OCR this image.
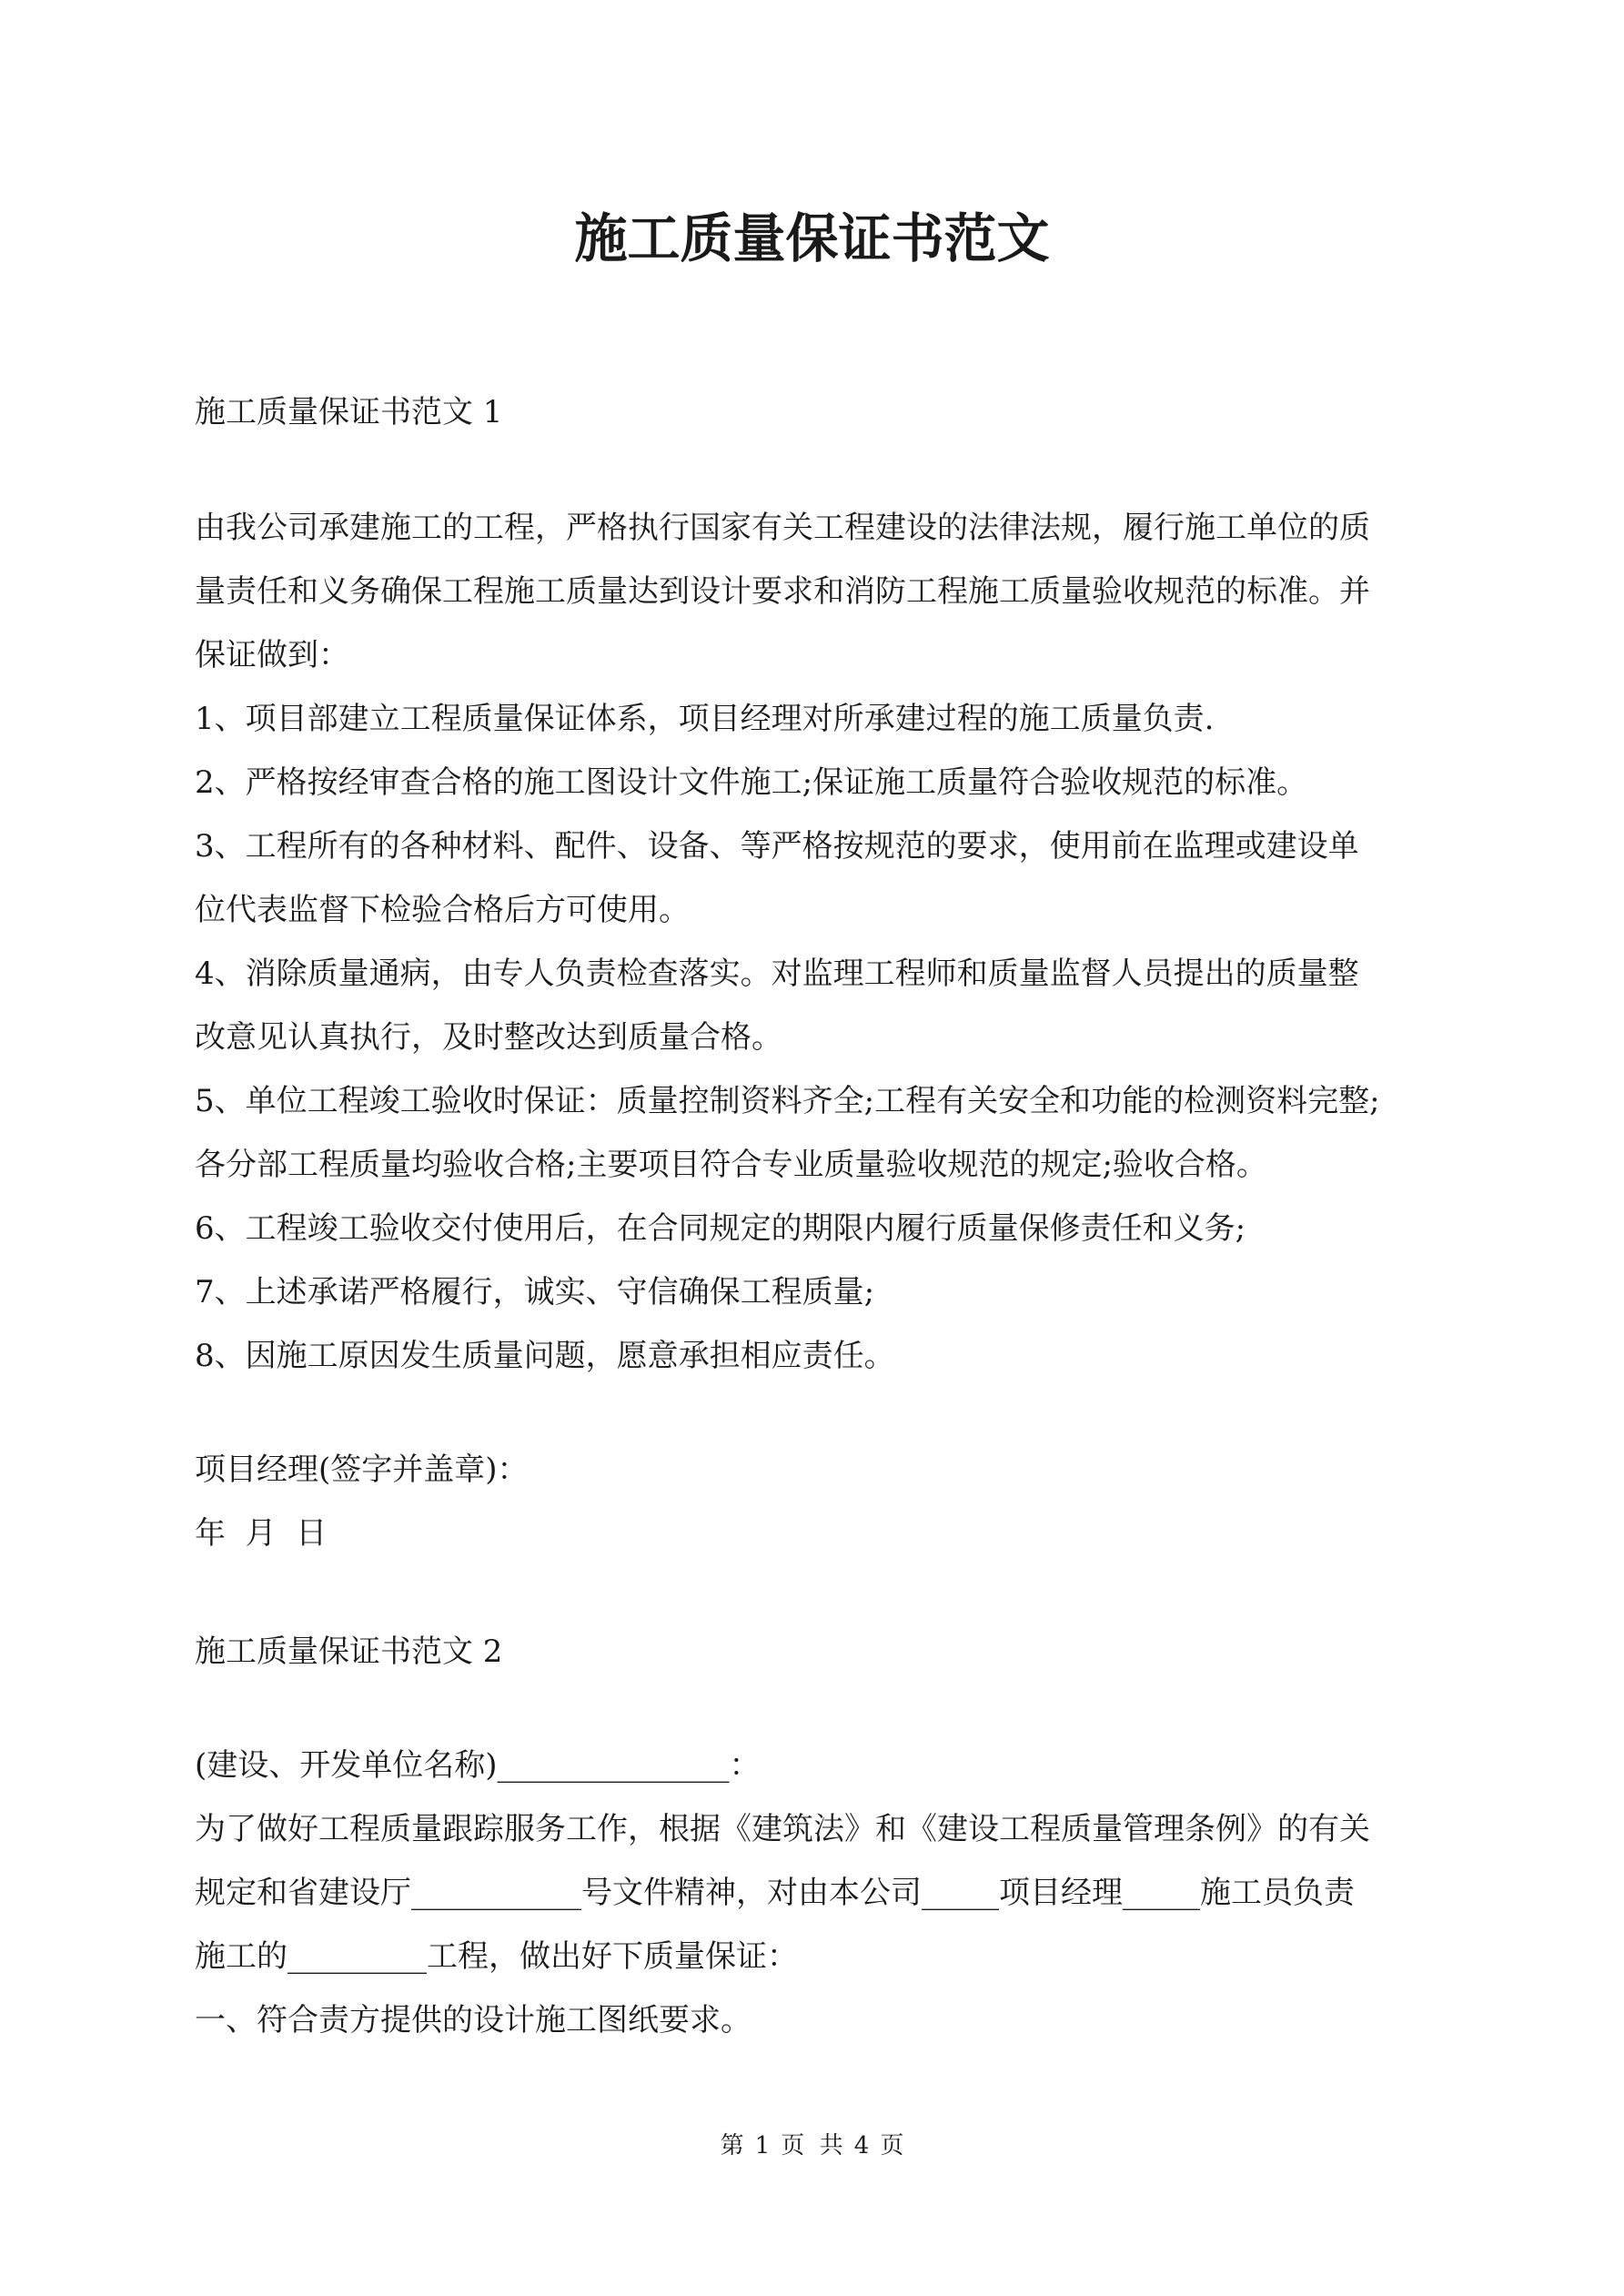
施工质量保证书范文

施工质量保证书范文 1

由我公司承建施工的工程，严格执行国家有关工程建设的法律法规，履行施工单位的质

量责任和义务确保工程施工质量达到设计要求和消防工程施工质量验收规范的标准。并

保证做到：

1、项目部建立工程质量保证体系，项目经理对所承建过程的施工质量负责.

2、严格按经审查合格的施工图设计文件施工;保证施工质量符合验收规范的标准。

3、工程所有的各种材料、配件、设备、等严格按规范的要求，使用前在监理或建设单

位代表监督下检验合格后方可使用。

4、消除质量通病，由专人负责检查落实。对监理工程师和质量监督人员提出的质量整

改意见认真执行，及时整改达到质量合格。

5、单位工程竣工验收时保证：质量控制资料齐全;工程有关安全和功能的检测资料完整;

各分部工程质量均验收合格;主要项目符合专业质量验收规范的规定;验收合格。

6、工程竣工验收交付使用后，在合同规定的期限内履行质量保修责任和义务;

7、上述承诺严格履行，诚实、守信确保工程质量;

8、因施工原因发生质量问题，愿意承担相应责任。

项目经理(签字并盖章)：

年  月  日

施工质量保证书范文 2

(建设、开发单位名称)_______________：

为了做好工程质量跟踪服务工作，根据《建筑法》和《建设工程质量管理条例》的有关

规定和省建设厅___________号文件精神，对由本公司_____项目经理_____施工员负责

施工的_________工程，做出好下质量保证：

一、符合责方提供的设计施工图纸要求。

第 1 页  共 4 页
